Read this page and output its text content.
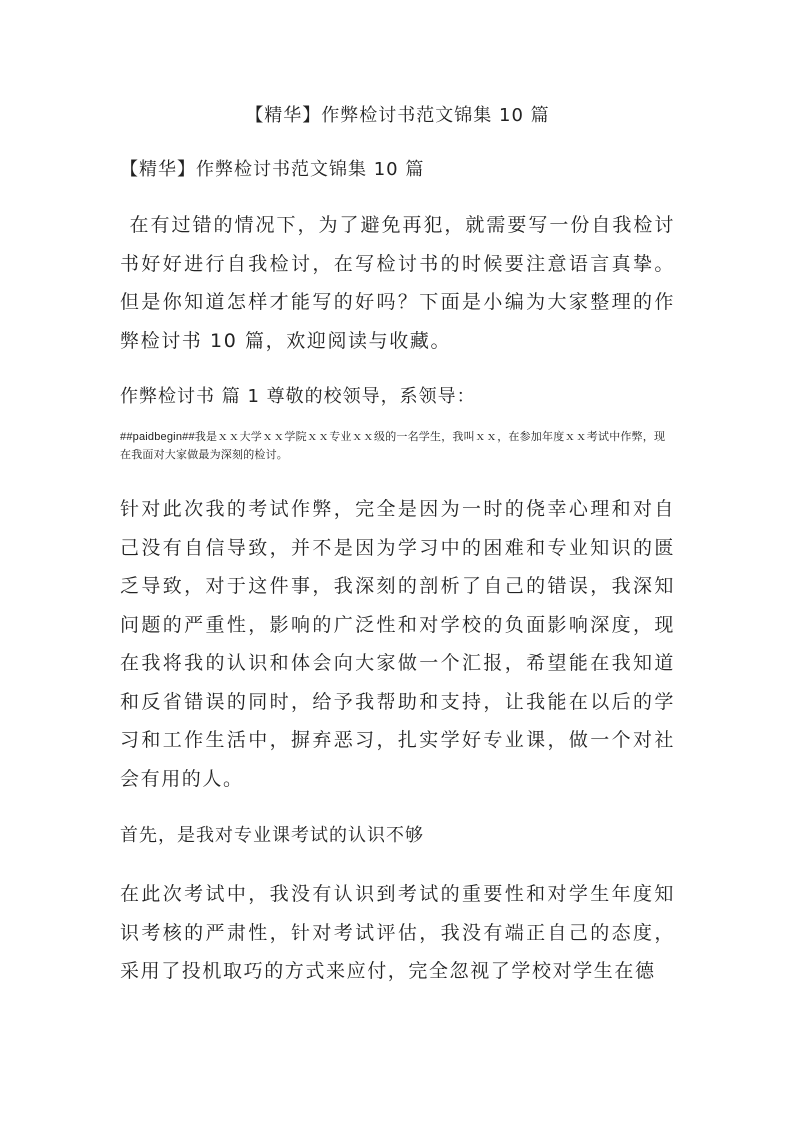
【精华】作弊检讨书范文锦集 10 篇

【精华】作弊检讨书范文锦集 10 篇

在有过错的情况下，为了避免再犯，就需要写一份自我检讨书好好进行自我检讨，在写检讨书的时候要注意语言真挚。但是你知道怎样才能写的好吗？下面是小编为大家整理的作弊检讨书 10 篇，欢迎阅读与收藏。

作弊检讨书 篇 1 尊敬的校领导，系领导：

##paidbegin##我是ｘｘ大学ｘｘ学院ｘｘ专业ｘｘ级的一名学生，我叫ｘｘ，在参加年度ｘｘ考试中作弊，现在我面对大家做最为深刻的检讨。

针对此次我的考试作弊，完全是因为一时的侥幸心理和对自己没有自信导致，并不是因为学习中的困难和专业知识的匮乏导致，对于这件事，我深刻的剖析了自己的错误，我深知问题的严重性，影响的广泛性和对学校的负面影响深度，现在我将我的认识和体会向大家做一个汇报，希望能在我知道和反省错误的同时，给予我帮助和支持，让我能在以后的学习和工作生活中，摒弃恶习，扎实学好专业课，做一个对社会有用的人。

首先，是我对专业课考试的认识不够

在此次考试中，我没有认识到考试的重要性和对学生年度知识考核的严肃性，针对考试评估，我没有端正自己的态度，采用了投机取巧的方式来应付，完全忽视了学校对学生在德
